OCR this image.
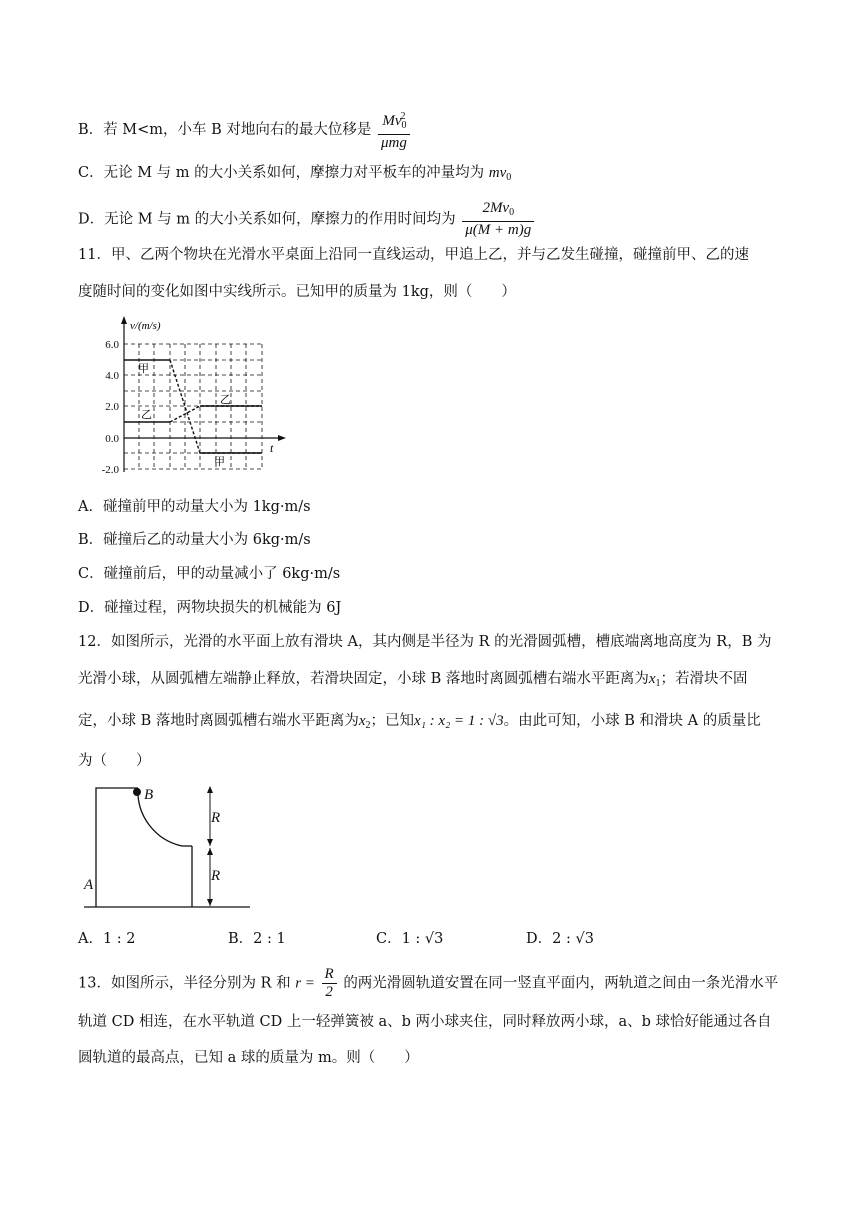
B．若 M<m，小车 B 对地向右的最大位移是 $\frac{Mv_0^2}{\text{μmg}}$
C．无论 M 与 m 的大小关系如何，摩擦力对平板车的冲量均为 $mv_0$
D．无论 M 与 m 的大小关系如何，摩擦力的作用时间均为 $\frac{2Mv_0}{\mu(M + m)g}$
11．甲、乙两个物块在光滑水平桌面上沿同一直线运动，甲追上乙，并与乙发生碰撞，碰撞前甲、乙的速
度随时间的变化如图中实线所示。已知甲的质量为 1kg，则（　　）
6.0
4.0
2.0
0.0
-2.0
v/(m/s)
t
甲
乙
乙
甲
A．碰撞前甲的动量大小为 1kg·m/s
B．碰撞后乙的动量大小为 6kg·m/s
C．碰撞前后，甲的动量减小了 6kg·m/s
D．碰撞过程，两物块损失的机械能为 6J
12．如图所示，光滑的水平面上放有滑块 A，其内侧是半径为 R 的光滑圆弧槽，槽底端离地高度为 R，B 为
光滑小球，从圆弧槽左端静止释放，若滑块固定，小球 B 落地时离圆弧槽右端水平距离为$x_1$；若滑块不固
定，小球 B 落地时离圆弧槽右端水平距离为$x_2$；已知x₁ : x₂ = 1 : √3。由此可知，小球 B 和滑块 A 的质量比
为（　　）
A
B
R
R
A．1 : 2	B．2 : 1	C．1 : √3	D．2 : √3
13．如图所示，半径分别为 R 和 $r = \frac{R}{2}$ 的两光滑圆轨道安置在同一竖直平面内，两轨道之间由一条光滑水平
轨道 CD 相连，在水平轨道 CD 上一轻弹簧被 a、b 两小球夹住，同时释放两小球，a、b 球恰好能通过各自
圆轨道的最高点，已知 a 球的质量为 m。则（　　）
